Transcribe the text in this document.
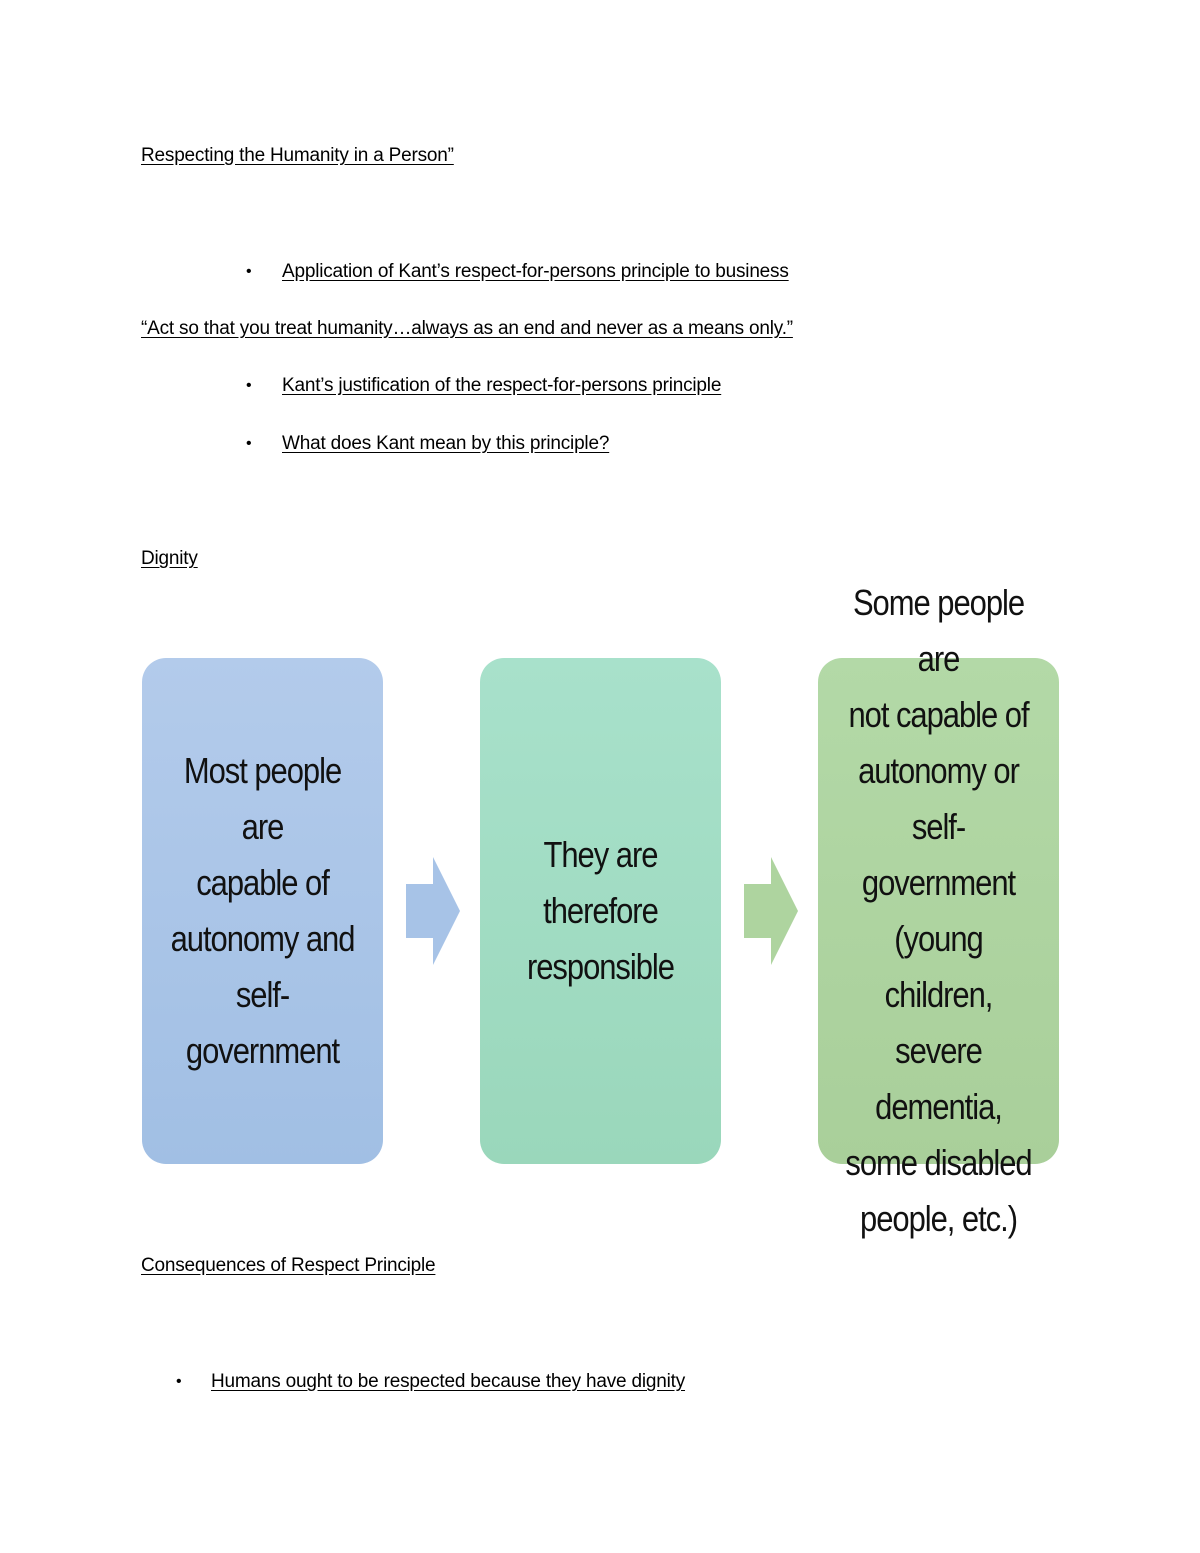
Respecting the Humanity in a Person”
• Application of Kant’s respect-for-persons principle to business
“Act so that you treat humanity…always as an end and never as a means only.”
• Kant’s justification of the respect-for-persons principle
• What does Kant mean by this principle?
Dignity
Most people are
capable of
autonomy and
self-government
They are
therefore
responsible
Some people are
not capable of
autonomy or
self-government
(young children,
severe dementia,
some disabled
people, etc.)
Consequences of Respect Principle
• Humans ought to be respected because they have dignity
